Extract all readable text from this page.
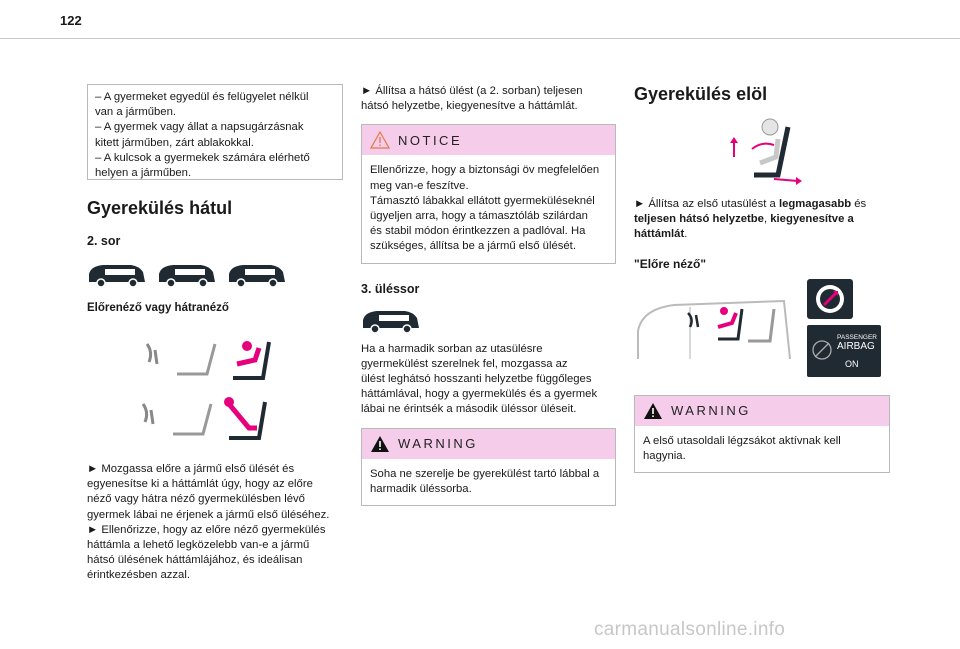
122

– A gyermeket egyedül és felügyelet nélkül

van a járműben.

– A gyermek vagy állat a napsugárzásnak

kitett járműben, zárt ablakokkal.

– A kulcsok a gyermekek számára elérhető

helyen a járműben.

Gyerekülés hátul
2. sor
Előrenéző vagy hátranéző

► Mozgassa előre a jármű első ülését és

egyenesítse ki a háttámlát úgy, hogy az előre

néző vagy hátra néző gyermekülésben lévő

gyermek lábai ne érjenek a jármű első üléséhez.

► Ellenőrizze, hogy az előre néző gyermekülés

háttámla a lehető legközelebb van-e a jármű

hátsó ülésének háttámlájához, és ideálisan

érintkezésben azzal.

► Állítsa a hátsó ülést (a 2. sorban) teljesen

hátsó helyzetbe, kiegyenesítve a háttámlát.

NOTICE

Ellenőrizze, hogy a biztonsági öv megfelelően

meg van-e feszítve.

Támasztó lábakkal ellátott gyermeküléseknél

ügyeljen arra, hogy a támasztóláb szilárdan

és stabil módon érintkezzen a padlóval. Ha

szükséges, állítsa be a jármű első ülését.

3. üléssor

Ha a harmadik sorban az utasülésre

gyermekülést szerelnek fel, mozgassa az

ülést leghátsó hosszanti helyzetbe függőleges

háttámlával, hogy a gyermekülés és a gyermek

lábai ne érintsék a második üléssor üléseit.

WARNING

Soha ne szerelje be gyerekülést tartó lábbal a

harmadik üléssorba.

Gyerekülés elöl

► Állítsa az első utasülést a legmagasabb és

teljesen hátsó helyzetbe, kiegyenesítve a

háttámlát.

"Előre néző"
PASSENGER
AIRBAG
ON
WARNING

A első utasoldali légzsákot aktívnak kell

hagynia.

carmanualsonline.info
